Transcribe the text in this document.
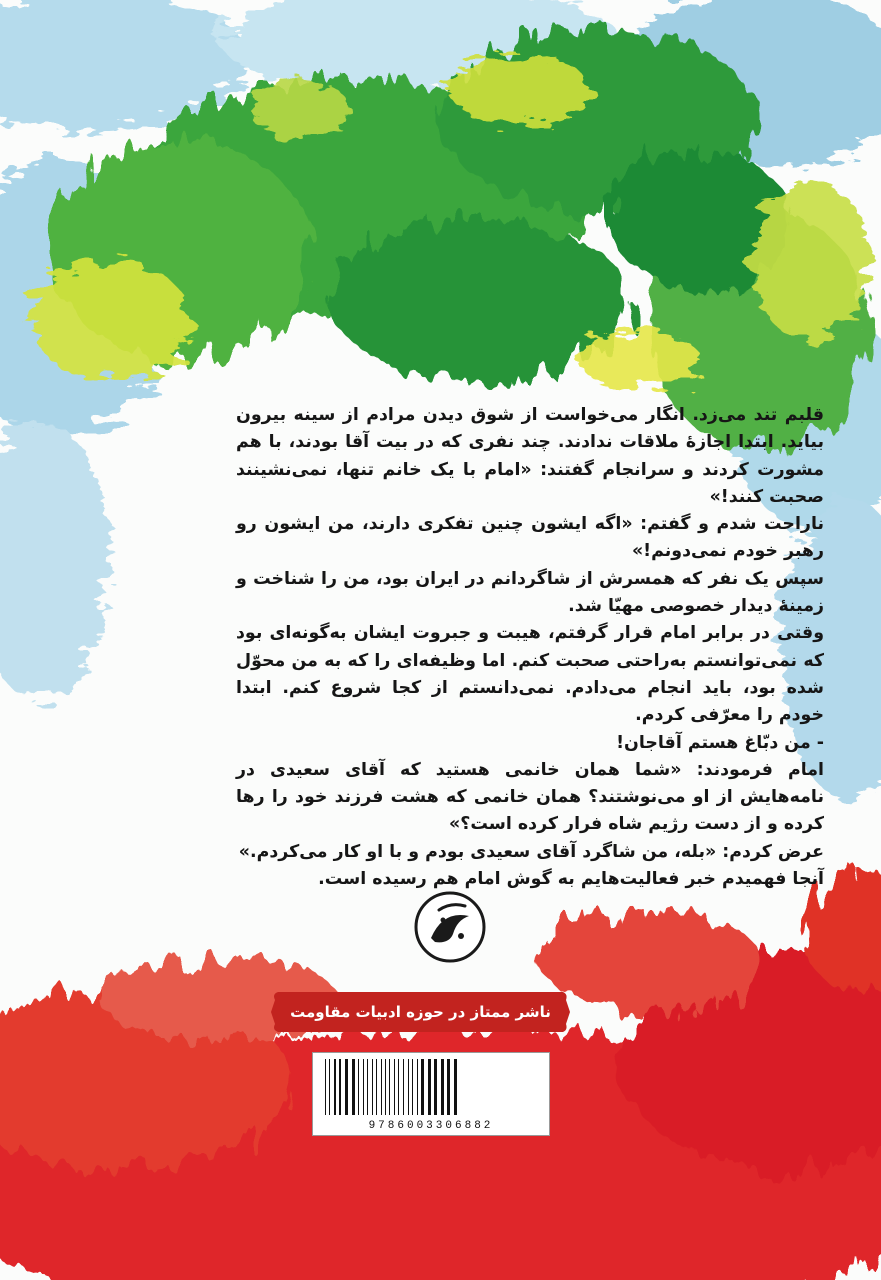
قلبم تند می‌زد. انگار می‌خواست از شوق دیدن مرادم از سینه بیرون بیاید. ابتدا اجازۀ ملاقات ندادند. چند نفری که در بیت آقا بودند، با هم مشورت کردند و سرانجام گفتند: «امام با یک خانم تنها، نمی‌نشینند صحبت کنند!»

ناراحت شدم و گفتم: «اگه ایشون چنین تفکری دارند، من ایشون رو رهبر خودم نمی‌دونم!»

سپس یک نفر که همسرش از شاگردانم در ایران بود، من را شناخت و زمینۀ دیدار خصوصی مهیّا شد.

وقتی در برابر امام قرار گرفتم، هیبت و جبروت ایشان به‌گونه‌ای بود که نمی‌توانستم به‌راحتی صحبت کنم. اما وظیفه‌ای را که به من محوّل شده بود، باید انجام می‌دادم. نمی‌دانستم از کجا شروع کنم. ابتدا خودم را معرّفی کردم.

- من دبّاغ هستم آقاجان!

امام فرمودند: «شما همان خانمی هستید که آقای سعیدی در نامه‌هایش از او می‌نوشتند؟ همان خانمی که هشت فرزند خود را رها کرده و از دست رژیم شاه فرار کرده است؟»

عرض کردم: «بله، من شاگرد آقای سعیدی بودم و با او کار می‌کردم.»

آنجا فهمیدم خبر فعالیت‌هایم به گوش امام هم رسیده است.

ناشر ممتاز در حوزه ادبیات مقاومت
9786003306882
